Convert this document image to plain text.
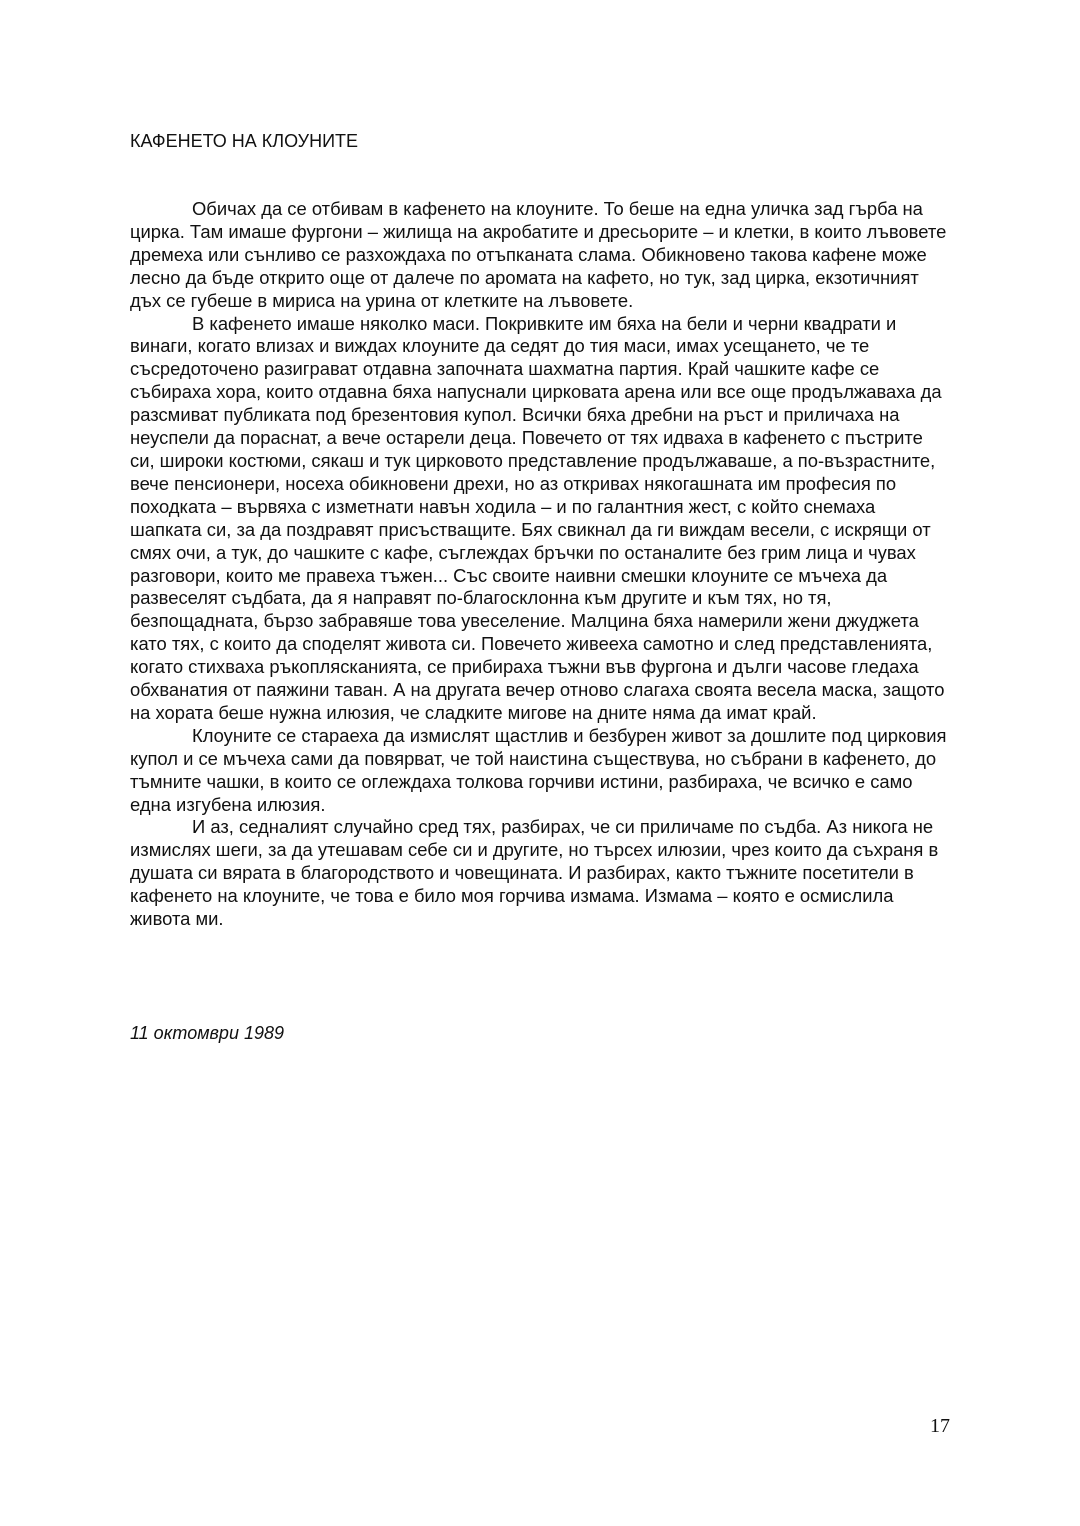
КАФЕНЕТО НА КЛОУНИТЕ

Обичах да се отбивам в кафенето на клоуните. То беше на една уличка зад гърба на цирка. Там имаше фургони – жилища на акробатите и дресьорите – и клетки, в които лъвовете дремеха или сънливо се разхождаха по отъпканата слама. Обикновено такова кафене може лесно да бъде открито още от далече по аромата на кафето, но тук, зад цирка, екзотичният дъх се губеше в мириса на урина от клетките на лъвовете.

В кафенето имаше няколко маси. Покривките им бяха на бели и черни квадрати и винаги, когато влизах и виждах клоуните да седят до тия маси, имах усещането, че те съсредоточено разиграват отдавна започната шахматна партия. Край чашките кафе се събираха хора, които отдавна бяха напуснали цирковата арена или все още продължаваха да разсмиват публиката под брезентовия купол. Всички бяха дребни на ръст и приличаха на неуспели да пораснат, а вече остарели деца. Повечето от тях идваха в кафенето с пъстрите си, широки костюми, сякаш и тук цирковото представление продължаваше, а по-възрастните, вече пенсионери, носеха обикновени дрехи, но аз откривах някогашната им професия по походката – вървяха с изметнати навън ходила – и по галантния жест, с който снемаха шапката си, за да поздравят присъстващите. Бях свикнал да ги виждам весели, с искрящи от смях очи, а тук, до чашките с кафе, съглеждах бръчки по останалите без грим лица и чувах разговори, които ме правеха тъжен... Със своите наивни смешки клоуните се мъчеха да развеселят съдбата, да я направят по-благосклонна към другите и към тях, но тя, безпощадната, бързо забравяше това увеселение. Малцина бяха намерили жени джуджета като тях, с които да споделят живота си. Повечето живееха самотно и след представленията, когато стихваха ръкоплясканията, се прибираха тъжни във фургона и дълги часове гледаха обхванатия от паяжини таван. А на другата вечер отново слагаха своята весела маска, защото на хората беше нужна илюзия, че сладките мигове на дните няма да имат край.

Клоуните се стараеха да измислят щастлив и безбурен живот за дошлите под цирковия купол и се мъчеха сами да повярват, че той наистина съществува, но събрани в кафенето, до тъмните чашки, в които се оглеждаха толкова горчиви истини, разбираха, че всичко е само една изгубена илюзия.

И аз, седналият случайно сред тях, разбирах, че си приличаме по съдба. Аз никога не измислях шеги, за да утешавам себе си и другите, но търсех илюзии, чрез които да съхраня в душата си вярата в благородството и човещината. И разбирах, както тъжните посетители в кафенето на клоуните, че това е било моя горчива измама. Измама – която е осмислила живота ми.

11 октомври 1989

17
